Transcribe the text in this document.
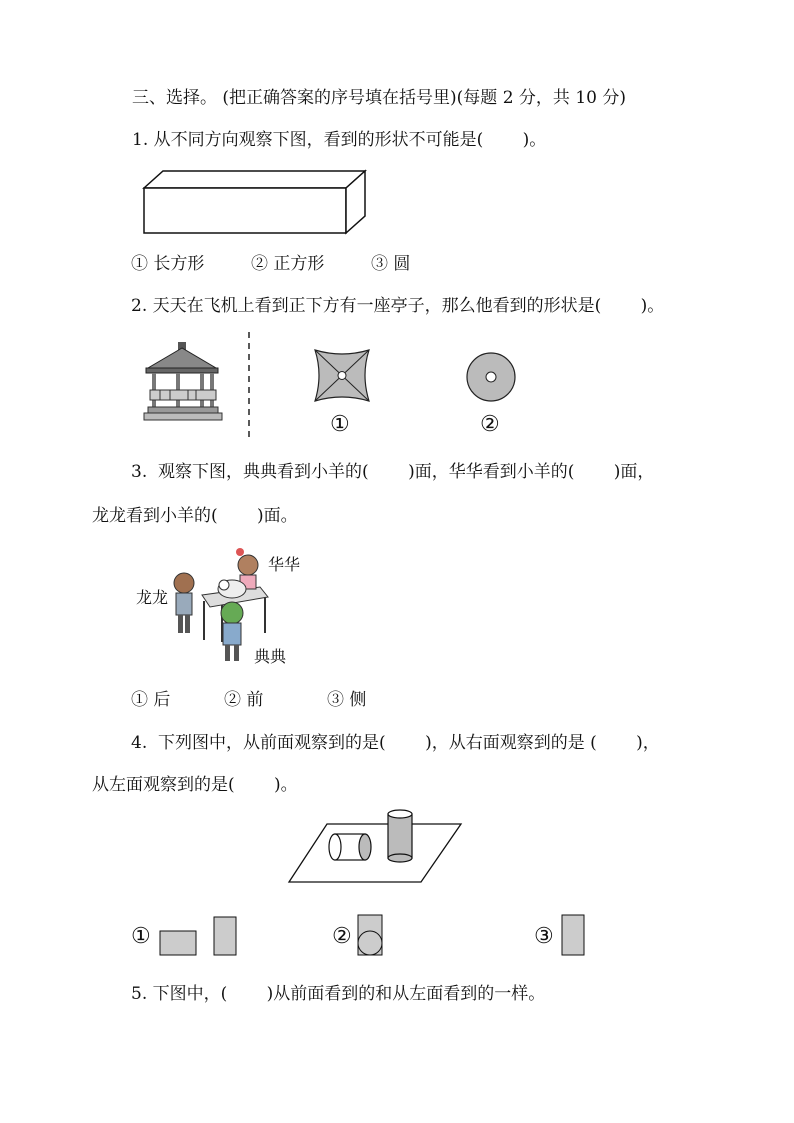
三、选择。 (把正确答案的序号填在括号里)(每题 2 分，共 10 分)
1. 从不同方向观察下图，看到的形状不可能是(　　 )。
① 长方形	② 正方形	③ 圆
2. 天天在飞机上看到正下方有一座亭子，那么他看到的形状是(　　 )。
①	②
3.  观察下图，典典看到小羊的(　　 )面，华华看到小羊的(　　 )面，
龙龙看到小羊的(　　 )面。
龙龙
华华
典典
① 后	② 前	③ 侧
4.  下列图中，从前面观察到的是(　　 )，从右面观察到的是 (　　 )，
从左面观察到的是(　　 )。
①	②	③
5. 下图中，(　　 )从前面看到的和从左面看到的一样。
